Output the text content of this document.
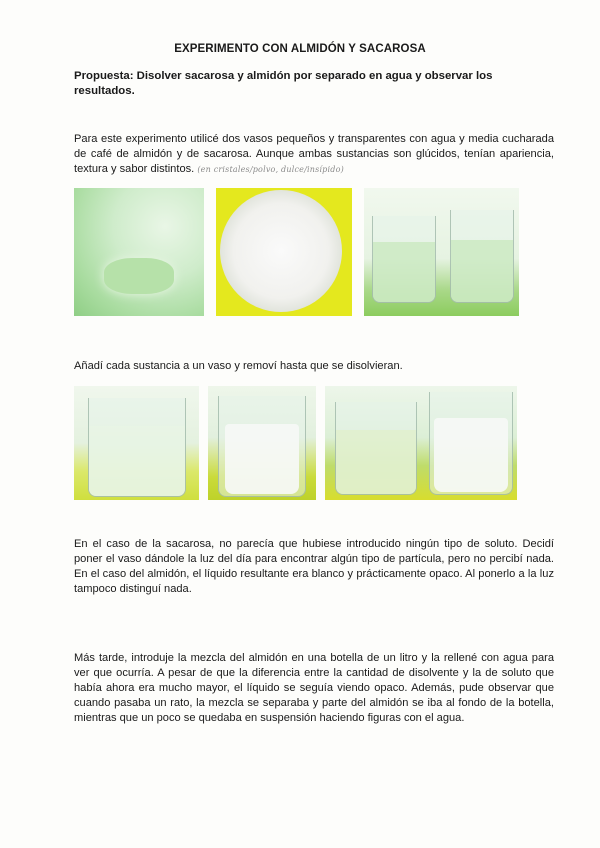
EXPERIMENTO CON ALMIDÓN Y SACAROSA
Propuesta: Disolver sacarosa y almidón por separado en agua y observar los resultados.
Para este experimento utilicé dos vasos pequeños y transparentes con agua y media cucharada de café de almidón y de sacarosa. Aunque ambas sustancias son glúcidos, tenían apariencia, textura y sabor distintos. (en cristales/polvo, dulce/insípido)
Añadí cada sustancia a un vaso y removí hasta que se disolvieran.
En el caso de la sacarosa, no parecía que hubiese introducido ningún tipo de soluto. Decidí poner el vaso dándole la luz del día para encontrar algún tipo de partícula, pero no percibí nada. En el caso del almidón, el líquido resultante era blanco y prácticamente opaco. Al ponerlo a la luz tampoco distinguí nada.
Más tarde, introduje la mezcla del almidón en una botella de un litro y la rellené con agua para ver que ocurría. A pesar de que la diferencia entre la cantidad de disolvente y la de soluto que había ahora era mucho mayor, el líquido se seguía viendo opaco. Además, pude observar que cuando pasaba un rato, la mezcla se separaba y parte del almidón se iba al fondo de la botella, mientras que un poco se quedaba en suspensión haciendo figuras con el agua.
